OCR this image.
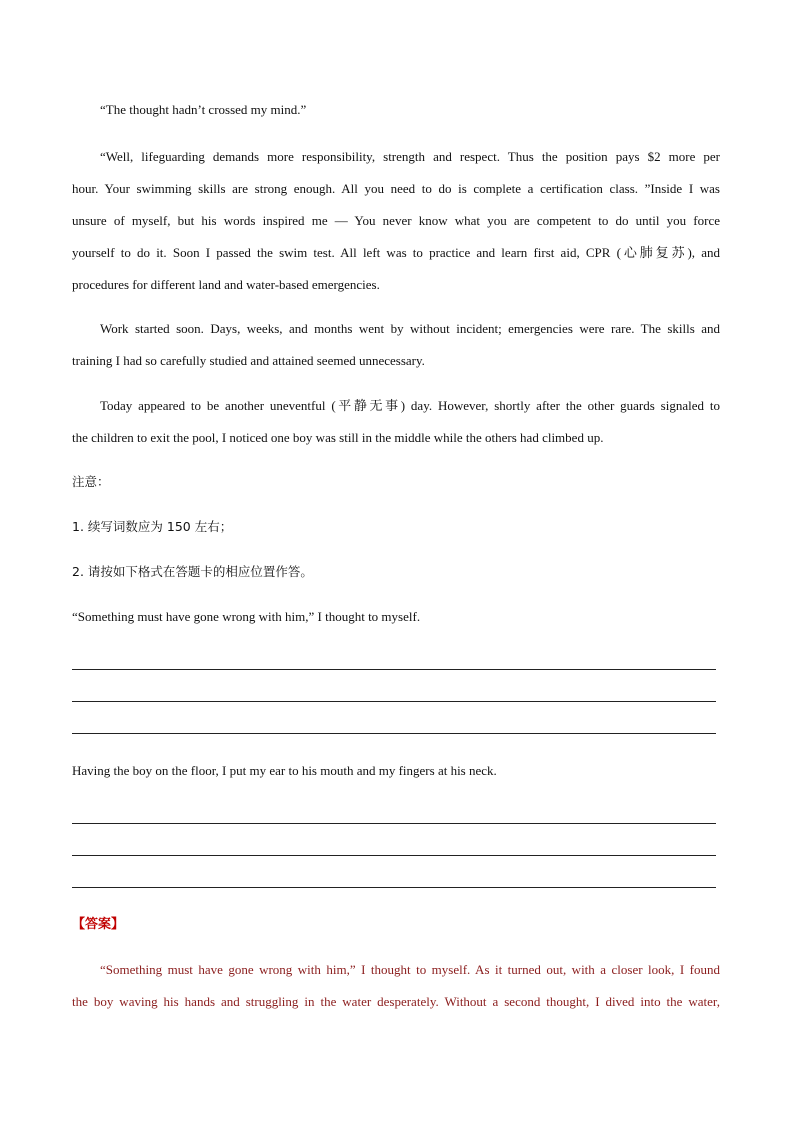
“The thought hadn’t crossed my mind.”

“Well, lifeguarding demands more responsibility, strength and respect. Thus the position pays $2 more per

hour. Your swimming skills are strong enough. All you need to do is complete a certification class. ”Inside I was

unsure of myself, but his words inspired me — You never know what you are competent to do until you force

yourself to do it. Soon I passed the swim test. All left was to practice and learn first aid, CPR (心肺复苏), and

procedures for different land and water-based emergencies.

Work started soon. Days, weeks, and months went by without incident; emergencies were rare. The skills and

training I had so carefully studied and attained seemed unnecessary.

Today appeared to be another uneventful (平静无事) day. However, shortly after the other guards signaled to

the children to exit the pool, I noticed one boy was still in the middle while the others had climbed up.

注意：

1. 续写词数应为 150 左右；

2. 请按如下格式在答题卡的相应位置作答。

“Something must have gone wrong with him,” I thought to myself.

Having the boy on the floor, I put my ear to his mouth and my fingers at his neck.

【答案】

“Something must have gone wrong with him,” I thought to myself. As it turned out, with a closer look, I found

the boy waving his hands and struggling in the water desperately. Without a second thought, I dived into the water,
